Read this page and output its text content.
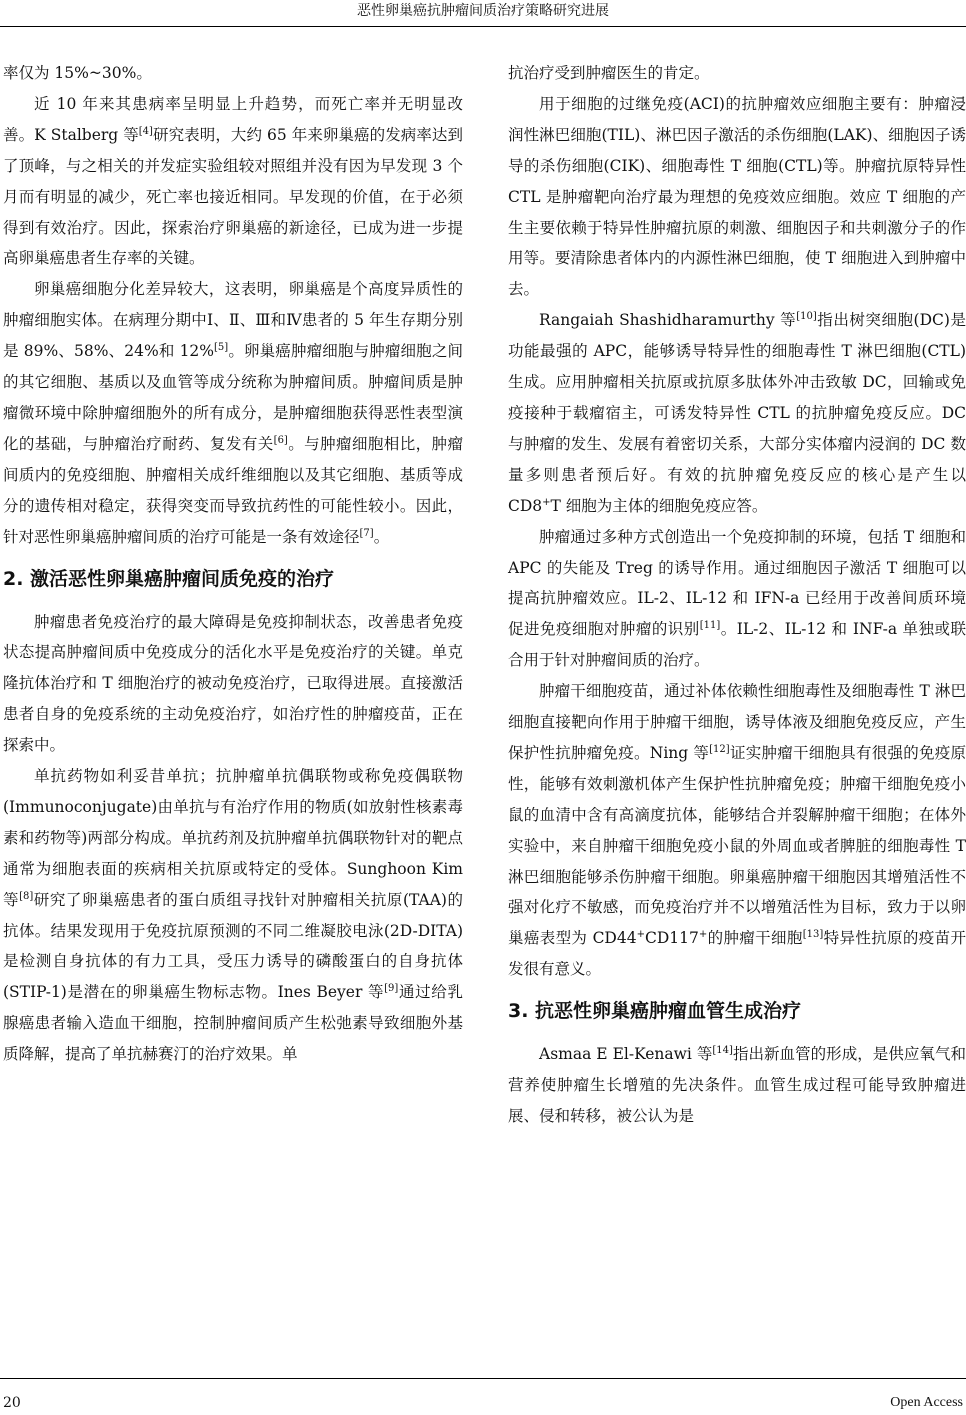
恶性卵巢癌抗肿瘤间质治疗策略研究进展

率仅为 15%~30%。

近 10 年来其患病率呈明显上升趋势，而死亡率并无明显改善。K Stalberg 等[4]研究表明，大约 65 年来卵巢癌的发病率达到了顶峰，与之相关的并发症实验组较对照组并没有因为早发现 3 个月而有明显的减少，死亡率也接近相同。早发现的价值，在于必须得到有效治疗。因此，探索治疗卵巢癌的新途径，已成为进一步提高卵巢癌患者生存率的关键。

卵巢癌细胞分化差异较大，这表明，卵巢癌是个高度异质性的肿瘤细胞实体。在病理分期中Ⅰ、Ⅱ、Ⅲ和Ⅳ患者的 5 年生存期分别是 89%、58%、24%和 12%[5]。卵巢癌肿瘤细胞与肿瘤细胞之间的其它细胞、基质以及血管等成分统称为肿瘤间质。肿瘤间质是肿瘤微环境中除肿瘤细胞外的所有成分，是肿瘤细胞获得恶性表型演化的基础，与肿瘤治疗耐药、复发有关[6]。与肿瘤细胞相比，肿瘤间质内的免疫细胞、肿瘤相关成纤维细胞以及其它细胞、基质等成分的遗传相对稳定，获得突变而导致抗药性的可能性较小。因此，针对恶性卵巢癌肿瘤间质的治疗可能是一条有效途径[7]。

2. 激活恶性卵巢癌肿瘤间质免疫的治疗

肿瘤患者免疫治疗的最大障碍是免疫抑制状态，改善患者免疫状态提高肿瘤间质中免疫成分的活化水平是免疫治疗的关键。单克隆抗体治疗和 T 细胞治疗的被动免疫治疗，已取得进展。直接激活患者自身的免疫系统的主动免疫治疗，如治疗性的肿瘤疫苗，正在探索中。

单抗药物如利妥昔单抗；抗肿瘤单抗偶联物或称免疫偶联物(Immunoconjugate)由单抗与有治疗作用的物质(如放射性核素毒素和药物等)两部分构成。单抗药剂及抗肿瘤单抗偶联物针对的靶点通常为细胞表面的疾病相关抗原或特定的受体。Sunghoon Kim 等[8]研究了卵巢癌患者的蛋白质组寻找针对肿瘤相关抗原(TAA)的抗体。结果发现用于免疫抗原预测的不同二维凝胶电泳(2D-DITA)是检测自身抗体的有力工具，受压力诱导的磷酸蛋白的自身抗体(STIP-1)是潜在的卵巢癌生物标志物。Ines Beyer 等[9]通过给乳腺癌患者输入造血干细胞，控制肿瘤间质产生松弛素导致细胞外基质降解，提高了单抗赫赛汀的治疗效果。单

抗治疗受到肿瘤医生的肯定。

用于细胞的过继免疫(ACI)的抗肿瘤效应细胞主要有：肿瘤浸润性淋巴细胞(TIL)、淋巴因子激活的杀伤细胞(LAK)、细胞因子诱导的杀伤细胞(CIK)、细胞毒性 T 细胞(CTL)等。肿瘤抗原特异性 CTL 是肿瘤靶向治疗最为理想的免疫效应细胞。效应 T 细胞的产生主要依赖于特异性肿瘤抗原的刺激、细胞因子和共刺激分子的作用等。要清除患者体内的内源性淋巴细胞，使 T 细胞进入到肿瘤中去。

Rangaiah Shashidharamurthy 等[10]指出树突细胞(DC)是功能最强的 APC，能够诱导特异性的细胞毒性 T 淋巴细胞(CTL)生成。应用肿瘤相关抗原或抗原多肽体外冲击致敏 DC，回输或免疫接种于载瘤宿主，可诱发特异性 CTL 的抗肿瘤免疫反应。DC 与肿瘤的发生、发展有着密切关系，大部分实体瘤内浸润的 DC 数量多则患者预后好。有效的抗肿瘤免疫反应的核心是产生以 CD8+T 细胞为主体的细胞免疫应答。

肿瘤通过多种方式创造出一个免疫抑制的环境，包括 T 细胞和 APC 的失能及 Treg 的诱导作用。通过细胞因子激活 T 细胞可以提高抗肿瘤效应。IL-2、IL-12 和 IFN-a 已经用于改善间质环境促进免疫细胞对肿瘤的识别[11]。IL-2、IL-12 和 INF-a 单独或联合用于针对肿瘤间质的治疗。

肿瘤干细胞疫苗，通过补体依赖性细胞毒性及细胞毒性 T 淋巴细胞直接靶向作用于肿瘤干细胞，诱导体液及细胞免疫反应，产生保护性抗肿瘤免疫。Ning 等[12]证实肿瘤干细胞具有很强的免疫原性，能够有效刺激机体产生保护性抗肿瘤免疫；肿瘤干细胞免疫小鼠的血清中含有高滴度抗体，能够结合并裂解肿瘤干细胞；在体外实验中，来自肿瘤干细胞免疫小鼠的外周血或者脾脏的细胞毒性 T 淋巴细胞能够杀伤肿瘤干细胞。卵巢癌肿瘤干细胞因其增殖活性不强对化疗不敏感，而免疫治疗并不以增殖活性为目标，致力于以卵巢癌表型为 CD44+CD117+的肿瘤干细胞[13]特异性抗原的疫苗开发很有意义。

3. 抗恶性卵巢癌肿瘤血管生成治疗

Asmaa E El-Kenawi 等[14]指出新血管的形成，是供应氧气和营养使肿瘤生长增殖的先决条件。血管生成过程可能导致肿瘤进展、侵和转移，被公认为是

20	Open Access
